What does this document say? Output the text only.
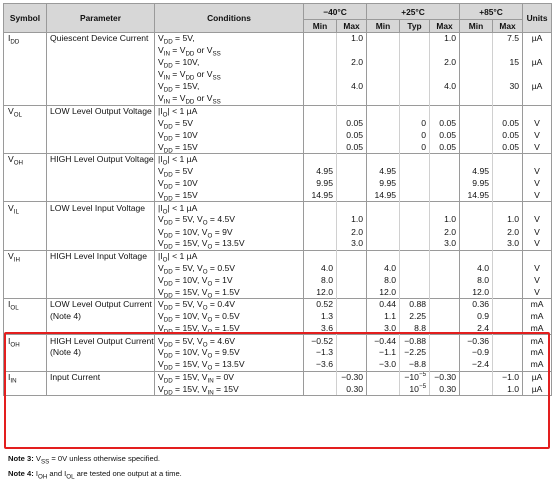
Symbol	Parameter	Conditions	−40°C		+25°C			+85°C		Units
			Min	Max	Min	Typ	Max	Min	Max	
$I_{DD}$	Quiescent Device Current	$V_{DD} = 5V$,		1.0			1.0		7.5	µA
		$V_{IN} = V_{DD}$ or $V_{SS}$								
		$V_{DD} = 10V$,		2.0			2.0		15	µA
		$V_{IN} = V_{DD}$ or $V_{SS}$								
		$V_{DD} = 15V$,		4.0			4.0		30	µA
		$V_{IN} = V_{DD}$ or $V_{SS}$								
$V_{OL}$	LOW Level Output Voltage	$|I_O| < 1$ µA								
		$V_{DD} = 5V$		0.05		0	0.05		0.05	V
		$V_{DD} = 10V$		0.05		0	0.05		0.05	V
		$V_{DD} = 15V$		0.05		0	0.05		0.05	V
$V_{OH}$	HIGH Level Output Voltage	$|I_O| < 1$ µA								
		$V_{DD} = 5V$	4.95		4.95			4.95		V
		$V_{DD} = 10V$	9.95		9.95			9.95		V
		$V_{DD} = 15V$	14.95		14.95			14.95		V
$V_{IL}$	LOW Level Input Voltage	$|I_O| < 1$ µA								
		$V_{DD} = 5V$, $V_O = 4.5V$		1.0			1.0		1.0	V
		$V_{DD} = 10V$, $V_O = 9V$		2.0			2.0		2.0	V
		$V_{DD} = 15V$, $V_O = 13.5V$		3.0			3.0		3.0	V
$V_{IH}$	HIGH Level Input Voltage	$|I_O| < 1$ µA								
		$V_{DD} = 5V$, $V_O = 0.5V$	4.0		4.0			4.0		V
		$V_{DD} = 10V$, $V_O = 1V$	8.0		8.0			8.0		V
		$V_{DD} = 15V$, $V_O = 1.5V$	12.0		12.0			12.0		V
$I_{OL}$	LOW Level Output Current	$V_{DD} = 5V$, $V_O = 0.4V$	0.52		0.44	0.88		0.36		mA
	(Note 4)	$V_{DD} = 10V$, $V_O = 0.5V$	1.3		1.1	2.25		0.9		mA
		$V_{DD} = 15V$, $V_O = 1.5V$	3.6		3.0	8.8		2.4		mA
$I_{OH}$	HIGH Level Output Current	$V_{DD} = 5V$, $V_O = 4.6V$	−0.52		−0.44	−0.88		−0.36		mA
	(Note 4)	$V_{DD} = 10V$, $V_O = 9.5V$	−1.3		−1.1	−2.25		−0.9		mA
		$V_{DD} = 15V$, $V_O = 13.5V$	−3.6		−3.0	−8.8		−2.4		mA
$I_{IN}$	Input Current	$V_{DD} = 15V$, $V_{IN} = 0V$		−0.30		$-10^{-5}$	−0.30		−1.0	µA
		$V_{DD} = 15V$, $V_{IN} = 15V$		0.30		$10^{-5}$	0.30		1.0	µA
Note 3: $V_{SS} = 0V$ unless otherwise specified.
Note 4: $I_{OH}$ and $I_{OL}$ are tested one output at a time.
